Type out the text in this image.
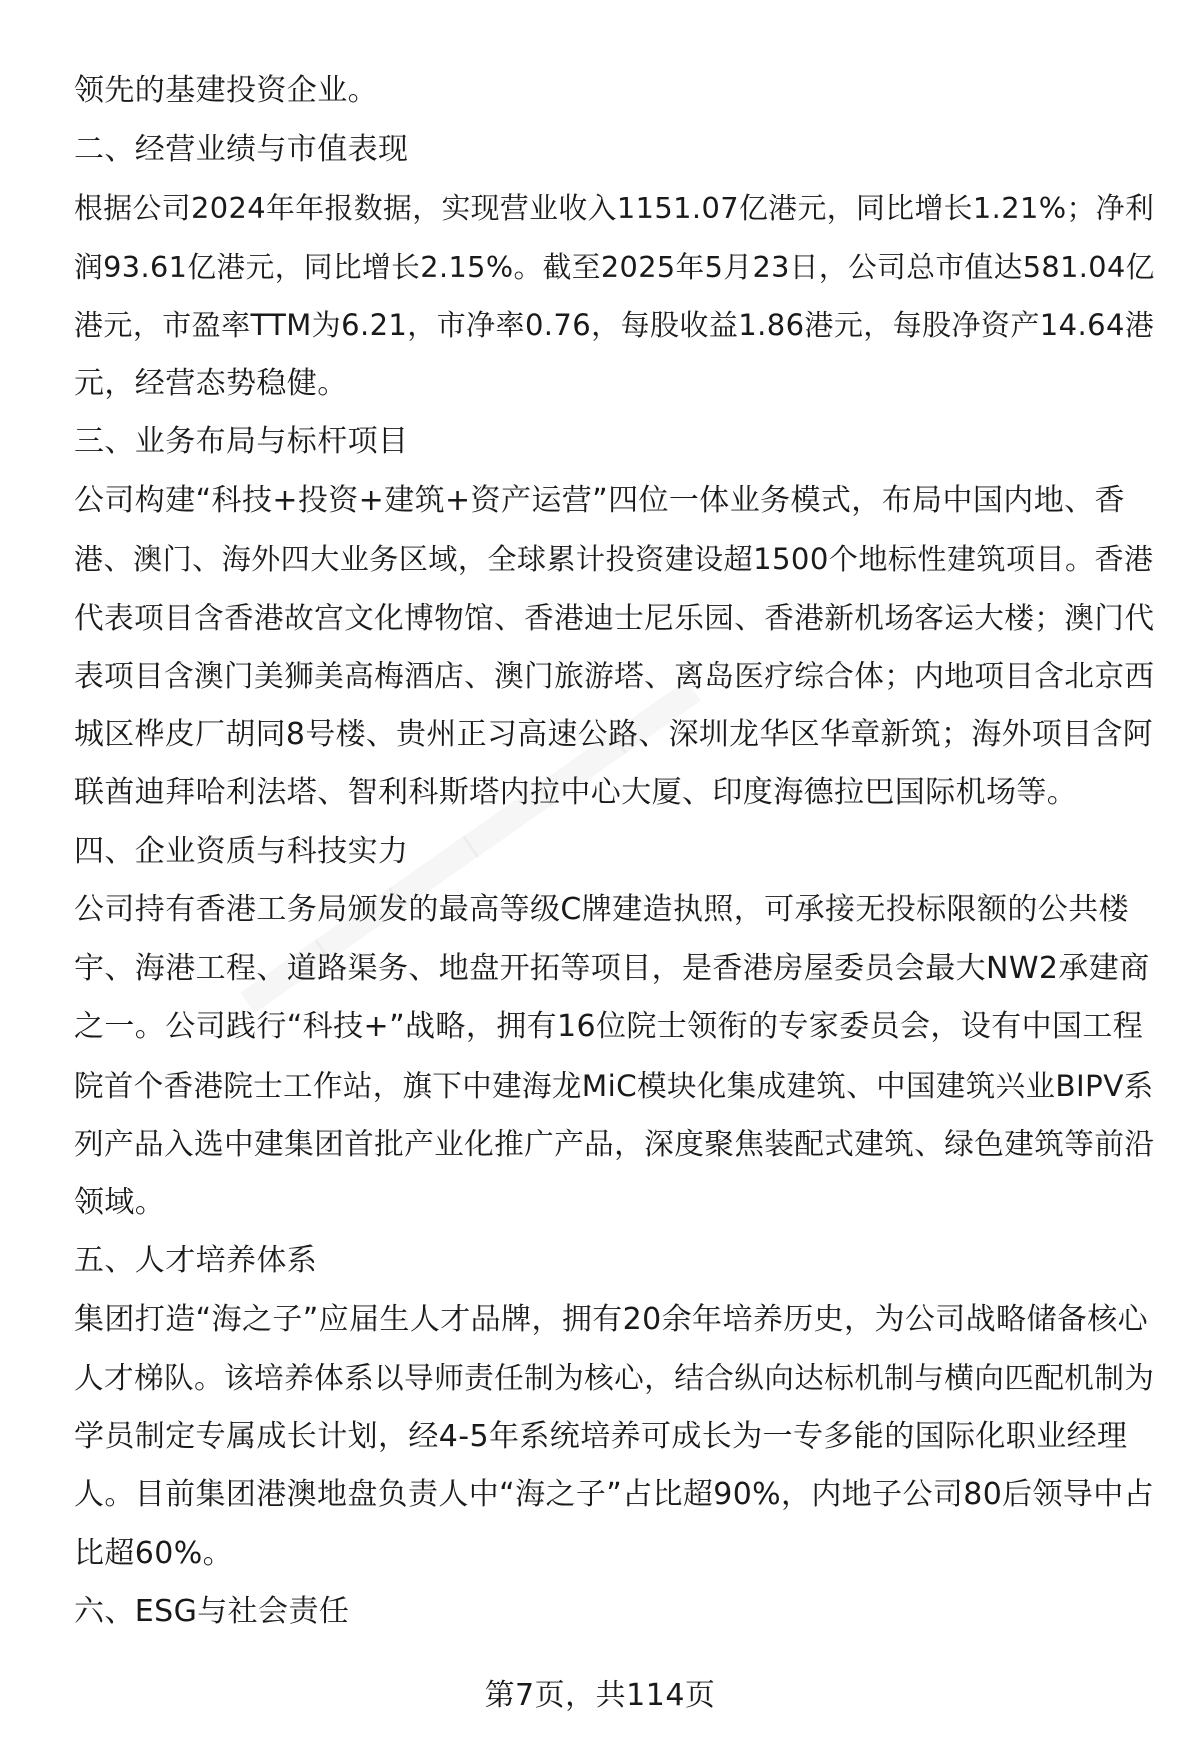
领先的基建投资企业。
二、经营业绩与市值表现
根据公司2024年年报数据，实现营业收入1151.07亿港元，同比增长1.21%；净利
润93.61亿港元，同比增长2.15%。截至2025年5月23日，公司总市值达581.04亿
港元，市盈率TTM为6.21，市净率0.76，每股收益1.86港元，每股净资产14.64港
元，经营态势稳健。
三、业务布局与标杆项目
公司构建“科技+投资+建筑+资产运营”四位一体业务模式，布局中国内地、香
港、澳门、海外四大业务区域，全球累计投资建设超1500个地标性建筑项目。香港
代表项目含香港故宫文化博物馆、香港迪士尼乐园、香港新机场客运大楼；澳门代
表项目含澳门美狮美高梅酒店、澳门旅游塔、离岛医疗综合体；内地项目含北京西
城区桦皮厂胡同8号楼、贵州正习高速公路、深圳龙华区华章新筑；海外项目含阿
联酋迪拜哈利法塔、智利科斯塔内拉中心大厦、印度海德拉巴国际机场等。
四、企业资质与科技实力
公司持有香港工务局颁发的最高等级C牌建造执照，可承接无投标限额的公共楼
宇、海港工程、道路渠务、地盘开拓等项目，是香港房屋委员会最大NW2承建商
之一。公司践行“科技+”战略，拥有16位院士领衔的专家委员会，设有中国工程
院首个香港院士工作站，旗下中建海龙MiC模块化集成建筑、中国建筑兴业BIPV系
列产品入选中建集团首批产业化推广产品，深度聚焦装配式建筑、绿色建筑等前沿
领域。
五、人才培养体系
集团打造“海之子”应届生人才品牌，拥有20余年培养历史，为公司战略储备核心
人才梯队。该培养体系以导师责任制为核心，结合纵向达标机制与横向匹配机制为
学员制定专属成长计划，经4-5年系统培养可成长为一专多能的国际化职业经理
人。目前集团港澳地盘负责人中“海之子”占比超90%，内地子公司80后领导中占
比超60%。
六、ESG与社会责任
第7页，共114页
